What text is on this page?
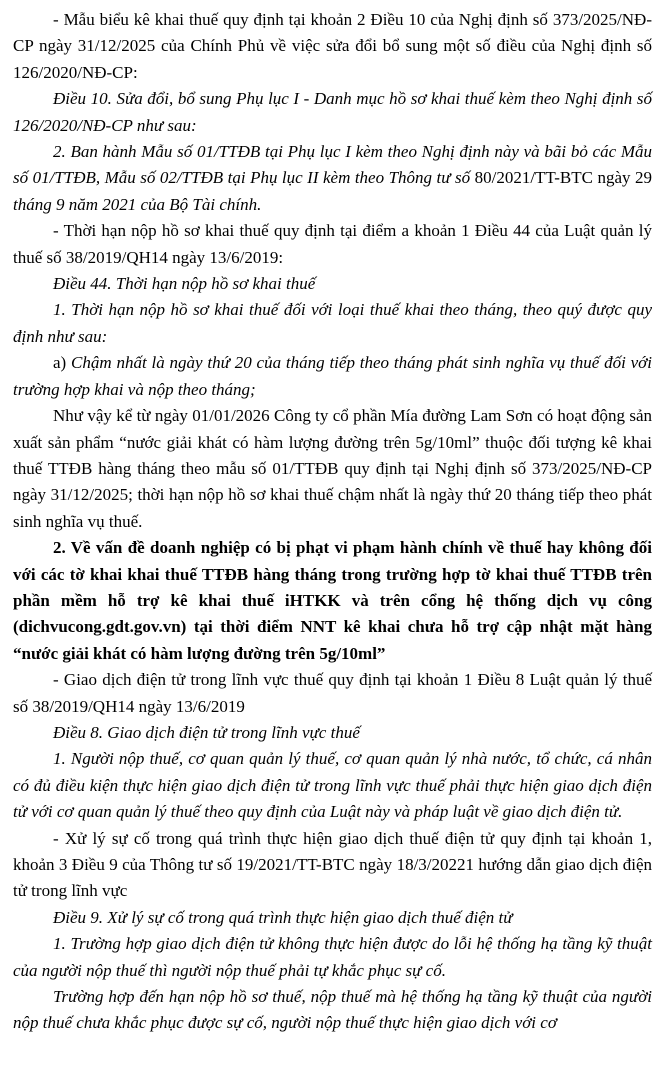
- Mẫu biểu kê khai thuế quy định tại khoản 2 Điều 10 của Nghị định số 373/2025/NĐ-CP ngày 31/12/2025 của Chính Phủ về việc sửa đổi bổ sung một số điều của Nghị định số 126/2020/NĐ-CP:

Điều 10. Sửa đổi, bổ sung Phụ lục I - Danh mục hồ sơ khai thuế kèm theo Nghị định số 126/2020/NĐ-CP như sau:

2. Ban hành Mẫu số 01/TTĐB tại Phụ lục I kèm theo Nghị định này và bãi bỏ các Mẫu số 01/TTĐB, Mẫu số 02/TTĐB tại Phụ lục II kèm theo Thông tư số 80/2021/TT-BTC ngày 29 tháng 9 năm 2021 của Bộ Tài chính.

- Thời hạn nộp hồ sơ khai thuế quy định tại điểm a khoản 1 Điều 44 của Luật quản lý thuế số 38/2019/QH14 ngày 13/6/2019:

Điều 44. Thời hạn nộp hồ sơ khai thuế

1. Thời hạn nộp hồ sơ khai thuế đối với loại thuế khai theo tháng, theo quý được quy định như sau:

a) Chậm nhất là ngày thứ 20 của tháng tiếp theo tháng phát sinh nghĩa vụ thuế đối với trường hợp khai và nộp theo tháng;

Như vậy kể từ ngày 01/01/2026 Công ty cổ phần Mía đường Lam Sơn có hoạt động sản xuất sản phẩm “nước giải khát có hàm lượng đường trên 5g/10ml” thuộc đối tượng kê khai thuế TTĐB hàng tháng theo mẫu số 01/TTĐB quy định tại Nghị định số 373/2025/NĐ-CP ngày 31/12/2025; thời hạn nộp hồ sơ khai thuế chậm nhất là ngày thứ 20 tháng tiếp theo phát sinh nghĩa vụ thuế.

2. Về vấn đề doanh nghiệp có bị phạt vi phạm hành chính về thuế hay không đối với các tờ khai khai thuế TTĐB hàng tháng trong trường hợp tờ khai thuế TTĐB trên phần mềm hỗ trợ kê khai thuế iHTKK và trên cổng hệ thống dịch vụ công (dichvucong.gdt.gov.vn) tại thời điểm NNT kê khai chưa hỗ trợ cập nhật mặt hàng “nước giải khát có hàm lượng đường trên 5g/10ml”

- Giao dịch điện tử trong lĩnh vực thuế quy định tại khoản 1 Điều 8 Luật quản lý thuế số 38/2019/QH14 ngày 13/6/2019

Điều 8. Giao dịch điện tử trong lĩnh vực thuế

1. Người nộp thuế, cơ quan quản lý thuế, cơ quan quản lý nhà nước, tổ chức, cá nhân có đủ điều kiện thực hiện giao dịch điện tử trong lĩnh vực thuế phải thực hiện giao dịch điện tử với cơ quan quản lý thuế theo quy định của Luật này và pháp luật về giao dịch điện tử.

- Xử lý sự cố trong quá trình thực hiện giao dịch thuế điện tử quy định tại khoản 1, khoản 3 Điều 9 của Thông tư số 19/2021/TT-BTC ngày 18/3/20221 hướng dẫn giao dịch điện tử trong lĩnh vực

Điều 9. Xử lý sự cố trong quá trình thực hiện giao dịch thuế điện tử

1. Trường hợp giao dịch điện tử không thực hiện được do lỗi hệ thống hạ tầng kỹ thuật của người nộp thuế thì người nộp thuế phải tự khắc phục sự cố.

Trường hợp đến hạn nộp hồ sơ thuế, nộp thuế mà hệ thống hạ tầng kỹ thuật của người nộp thuế chưa khắc phục được sự cố, người nộp thuế thực hiện giao dịch với cơ
